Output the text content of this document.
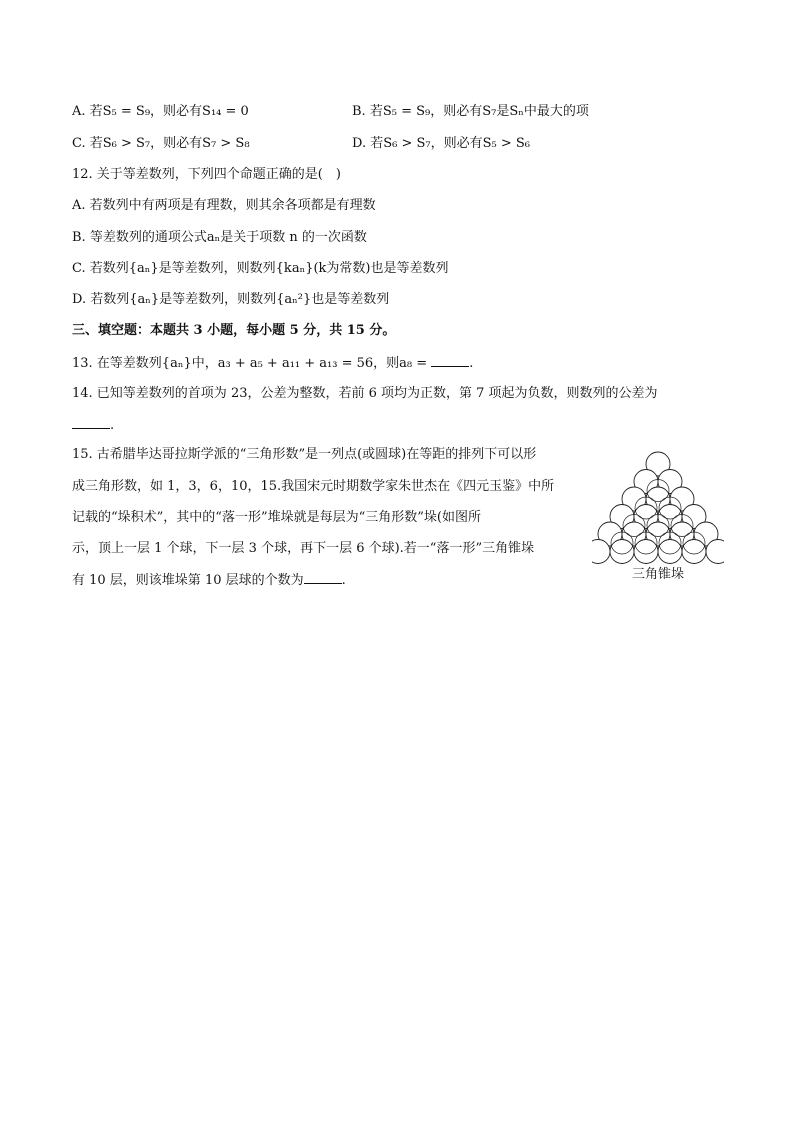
A. 若S₅ = S₉，则必有S₁₄ = 0	B. 若S₅ = S₉，则必有S₇是Sₙ中最大的项
C. 若S₆ > S₇，则必有S₇ > S₈	D. 若S₆ > S₇，则必有S₅ > S₆
12. 关于等差数列，下列四个命题正确的是(　)
A. 若数列中有两项是有理数，则其余各项都是有理数
B. 等差数列的通项公式aₙ是关于项数 n 的一次函数
C. 若数列{aₙ}是等差数列，则数列{kaₙ}(k为常数)也是等差数列
D. 若数列{aₙ}是等差数列，则数列{aₙ²}也是等差数列
三、填空题：本题共 3 小题，每小题 5 分，共 15 分。
13. 在等差数列{aₙ}中，a₃ + a₅ + a₁₁ + a₁₃ = 56，则a₈ =	.
14. 已知等差数列的首项为 23，公差为整数，若前 6 项均为正数，第 7 项起为负数，则数列的公差为
.
15. 古希腊毕达哥拉斯学派的“三角形数”是一列点(或圆球)在等距的排列下可以形
成三角形数，如 1，3，6，10，15.我国宋元时期数学家朱世杰在《四元玉鉴》中所
记载的“垛积术”，其中的“落一形”堆垛就是每层为“三角形数”垛(如图所
示，顶上一层 1 个球，下一层 3 个球，再下一层 6 个球).若一“落一形”三角锥垛
有 10 层，则该堆垛第 10 层球的个数为	.	三角锥垛
